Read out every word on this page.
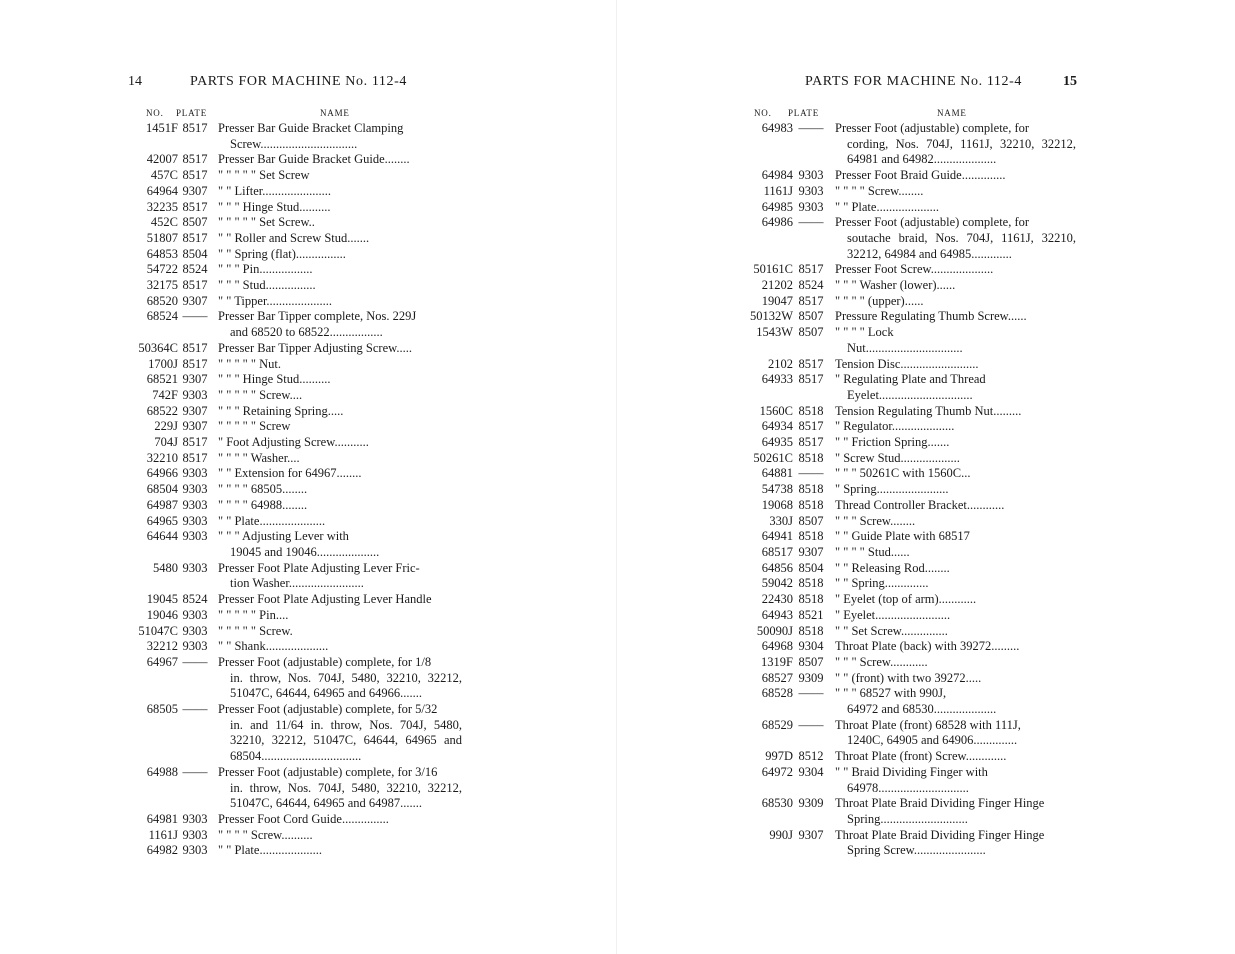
14	PARTS FOR MACHINE No. 112-4
NO. PLATE	NAME
1451F 8517 Presser Bar Guide Bracket Clamping
Screw...............................
42007 8517 Presser Bar Guide Bracket Guide........
457C 8517 " " " " " Set Screw
64964 9307 " " Lifter......................
32235 8517 " " " Hinge Stud..........
452C 8507 " " " " " Set Screw..
51807 8517 " " Roller and Screw Stud.......
64853 8504 " " Spring (flat)................
54722 8524 " " " Pin.................
32175 8517 " " " Stud................
68520 9307 " " Tipper.....................
68524 —— Presser Bar Tipper complete, Nos. 229J
and 68520 to 68522.................
50364C 8517 Presser Bar Tipper Adjusting Screw.....
1700J 8517 " " " " " Nut.
68521 9307 " " " Hinge Stud..........
742F 9303 " " " " " Screw....
68522 9307 " " " Retaining Spring.....
229J 9307 " " " " " Screw
704J 8517 " Foot Adjusting Screw...........
32210 8517 " " " " Washer....
64966 9303 " " Extension for 64967........
68504 9303 " " " " 68505........
64987 9303 " " " " 64988........
64965 9303 " " Plate.....................
64644 9303 " " " Adjusting Lever with
19045 and 19046....................
5480 9303 Presser Foot Plate Adjusting Lever Fric-
tion Washer........................
19045 8524 Presser Foot Plate Adjusting Lever Handle
19046 9303 " " " " " Pin....
51047C 9303 " " " " " Screw.
32212 9303 " " Shank....................
64967 —— Presser Foot (adjustable) complete, for 1/8
in. throw, Nos. 704J, 5480, 32210, 32212, 51047C, 64644, 64965 and 64966.......
68505 —— Presser Foot (adjustable) complete, for 5/32
in. and 11/64 in. throw, Nos. 704J, 5480, 32210, 32212, 51047C, 64644, 64965 and 68504................................
64988 —— Presser Foot (adjustable) complete, for 3/16
in. throw, Nos. 704J, 5480, 32210, 32212, 51047C, 64644, 64965 and 64987.......
64981 9303 Presser Foot Cord Guide...............
1161J 9303 " " " " Screw..........
64982 9303 " " Plate....................
PARTS FOR MACHINE No. 112-4	15
NO. PLATE	NAME
64983 —— Presser Foot (adjustable) complete, for
cording, Nos. 704J, 1161J, 32210, 32212, 64981 and 64982....................
64984 9303 Presser Foot Braid Guide..............
1161J 9303 " " " " Screw........
64985 9303 " " Plate....................
64986 —— Presser Foot (adjustable) complete, for
soutache braid, Nos. 704J, 1161J, 32210, 32212, 64984 and 64985.............
50161C 8517 Presser Foot Screw....................
21202 8524 " " " Washer (lower)......
19047 8517 " " " " (upper)......
50132W 8507 Pressure Regulating Thumb Screw......
1543W 8507 " " " " Lock
Nut...............................
2102 8517 Tension Disc.........................
64933 8517 " Regulating Plate and Thread
Eyelet..............................
1560C 8518 Tension Regulating Thumb Nut.........
64934 8517 " Regulator....................
64935 8517 " " Friction Spring.......
50261C 8518 " Screw Stud...................
64881 —— " " " 50261C with 1560C...
54738 8518 " Spring.......................
19068 8518 Thread Controller Bracket............
330J 8507 " " " Screw........
64941 8518 " " Guide Plate with 68517
68517 9307 " " " " Stud......
64856 8504 " " Releasing Rod........
59042 8518 " " Spring..............
22430 8518 " Eyelet (top of arm)............
64943 8521 " Eyelet........................
50090J 8518 " " Set Screw...............
64968 9304 Throat Plate (back) with 39272.........
1319F 8507 " " " Screw............
68527 9309 " " (front) with two 39272.....
68528 —— " " " 68527 with 990J,
64972 and 68530....................
68529 —— Throat Plate (front) 68528 with 111J,
1240C, 64905 and 64906..............
997D 8512 Throat Plate (front) Screw.............
64972 9304 " " Braid Dividing Finger with
64978.............................
68530 9309 Throat Plate Braid Dividing Finger Hinge
Spring............................
990J 9307 Throat Plate Braid Dividing Finger Hinge
Spring Screw.......................
